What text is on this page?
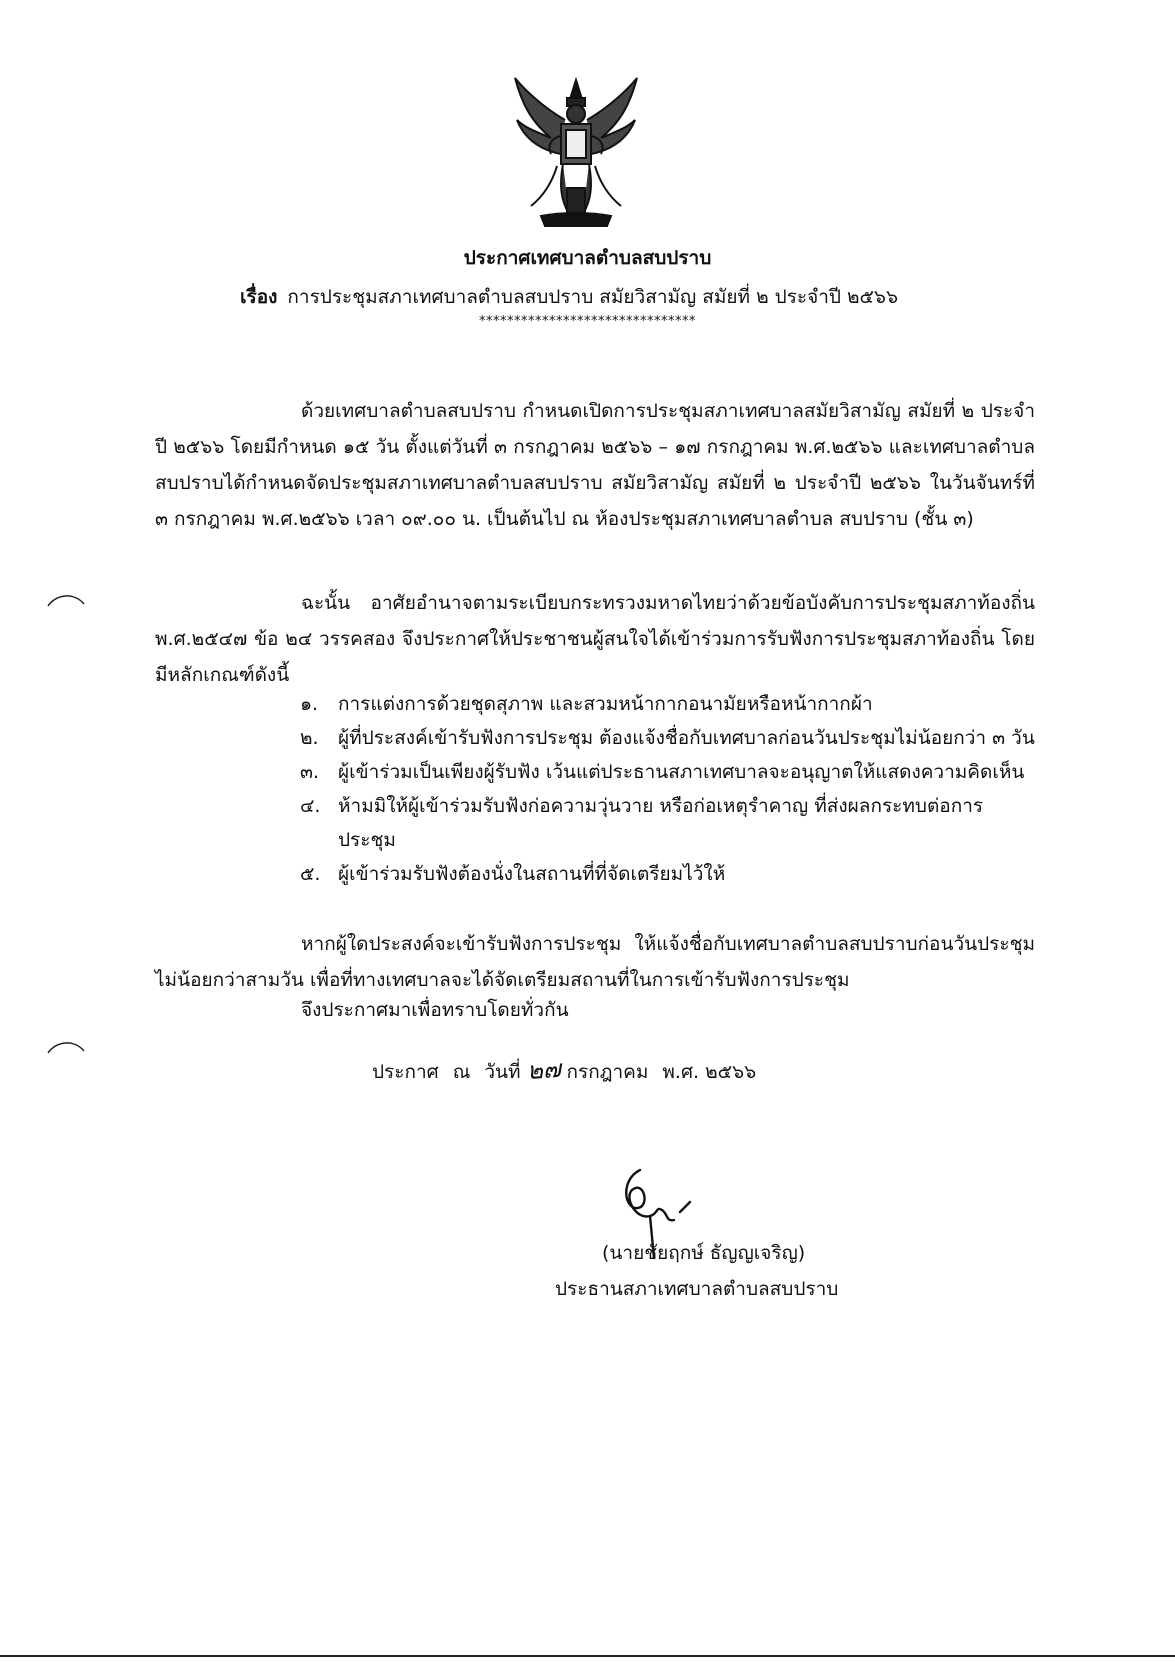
ประกาศเทศบาลตำบลสบปราบ
เรื่อง การประชุมสภาเทศบาลตำบลสบปราบ สมัยวิสามัญ สมัยที่ ๒ ประจำปี ๒๕๖๖
*******************************

ด้วยเทศบาลตำบลสบปราบ กำหนดเปิดการประชุมสภาเทศบาลสมัยวิสามัญ สมัยที่ ๒ ประจำปี ๒๕๖๖ โดยมีกำหนด ๑๕ วัน ตั้งแต่วันที่ ๓ กรกฎาคม ๒๕๖๖ – ๑๗ กรกฎาคม พ.ศ.๒๕๖๖ และเทศบาลตำบลสบปราบได้กำหนดจัดประชุมสภาเทศบาลตำบลสบปราบ สมัยวิสามัญ สมัยที่ ๒ ประจำปี ๒๕๖๖ ในวันจันทร์ที่ ๓ กรกฎาคม พ.ศ.๒๕๖๖ เวลา ๐๙.๐๐ น. เป็นต้นไป ณ ห้องประชุมสภาเทศบาลตำบล สบปราบ (ชั้น ๓)

ฉะนั้น อาศัยอำนาจตามระเบียบกระทรวงมหาดไทยว่าด้วยข้อบังคับการประชุมสภาท้องถิ่น พ.ศ.๒๕๔๗ ข้อ ๒๔ วรรคสอง จึงประกาศให้ประชาชนผู้สนใจได้เข้าร่วมการรับฟังการประชุมสภาท้องถิ่น โดยมีหลักเกณฑ์ดังนี้

๑.	การแต่งการด้วยชุดสุภาพ และสวมหน้ากากอนามัยหรือหน้ากากผ้า
๒.	ผู้ที่ประสงค์เข้ารับฟังการประชุม ต้องแจ้งชื่อกับเทศบาลก่อนวันประชุมไม่น้อยกว่า ๓ วัน
๓. ผู้เข้าร่วมเป็นเพียงผู้รับฟัง เว้นแต่ประธานสภาเทศบาลจะอนุญาตให้แสดงความคิดเห็น
๔. ห้ามมิให้ผู้เข้าร่วมรับฟังก่อความวุ่นวาย หรือก่อเหตุรำคาญ ที่ส่งผลกระทบต่อการประชุม
๕. ผู้เข้าร่วมรับฟังต้องนั่งในสถานที่ที่จัดเตรียมไว้ให้

หากผู้ใดประสงค์จะเข้ารับฟังการประชุม ให้แจ้งชื่อกับเทศบาลตำบลสบปราบก่อนวันประชุมไม่น้อยกว่าสามวัน เพื่อที่ทางเทศบาลจะได้จัดเตรียมสถานที่ในการเข้ารับฟังการประชุม

จึงประกาศมาเพื่อทราบโดยทั่วกัน
ประกาศ ณ วันที่ ๒๗ กรกฎาคม พ.ศ. ๒๕๖๖
(นายชัยฤกษ์ ธัญญเจริญ)
ประธานสภาเทศบาลตำบลสบปราบ
